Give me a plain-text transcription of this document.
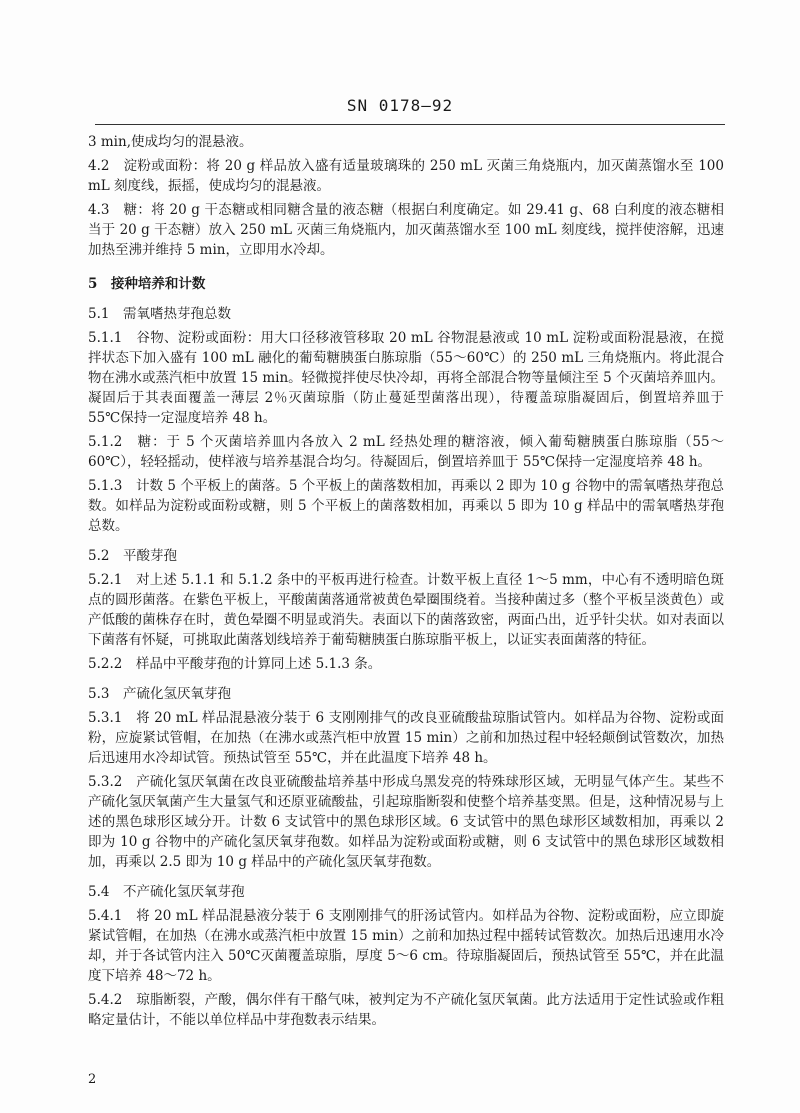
SN 0178—92

3 min,使成均匀的混悬液。

4.2　淀粉或面粉：将 20 g 样品放入盛有适量玻璃珠的 250 mL 灭菌三角烧瓶内，加灭菌蒸馏水至 100 mL 刻度线，振摇，使成均匀的混悬液。

4.3　糖：将 20 g 干态糖或相同糖含量的液态糖（根据白利度确定。如 29.41 g、68 白利度的液态糖相当于 20 g 干态糖）放入 250 mL 灭菌三角烧瓶内，加灭菌蒸馏水至 100 mL 刻度线，搅拌使溶解，迅速加热至沸并维持 5 min，立即用水冷却。

5　接种培养和计数

5.1　需氧嗜热芽孢总数

5.1.1　谷物、淀粉或面粉：用大口径移液管移取 20 mL 谷物混悬液或 10 mL 淀粉或面粉混悬液，在搅拌状态下加入盛有 100 mL 融化的葡萄糖胰蛋白胨琼脂（55～60℃）的 250 mL 三角烧瓶内。将此混合物在沸水或蒸汽柜中放置 15 min。轻微搅拌使尽快冷却，再将全部混合物等量倾注至 5 个灭菌培养皿内。凝固后于其表面覆盖一薄层 2％灭菌琼脂（防止蔓延型菌落出现），待覆盖琼脂凝固后，倒置培养皿于 55℃保持一定湿度培养 48 h。

5.1.2　糖：于 5 个灭菌培养皿内各放入 2 mL 经热处理的糖溶液，倾入葡萄糖胰蛋白胨琼脂（55～60℃），轻轻摇动，使样液与培养基混合均匀。待凝固后，倒置培养皿于 55℃保持一定湿度培养 48 h。

5.1.3　计数 5 个平板上的菌落。5 个平板上的菌落数相加，再乘以 2 即为 10 g 谷物中的需氧嗜热芽孢总数。如样品为淀粉或面粉或糖，则 5 个平板上的菌落数相加，再乘以 5 即为 10 g 样品中的需氧嗜热芽孢总数。

5.2　平酸芽孢

5.2.1　对上述 5.1.1 和 5.1.2 条中的平板再进行检查。计数平板上直径 1～5 mm，中心有不透明暗色斑点的圆形菌落。在紫色平板上，平酸菌菌落通常被黄色晕圈围绕着。当接种菌过多（整个平板呈淡黄色）或产低酸的菌株存在时，黄色晕圈不明显或消失。表面以下的菌落致密，两面凸出，近乎针尖状。如对表面以下菌落有怀疑，可挑取此菌落划线培养于葡萄糖胰蛋白胨琼脂平板上，以证实表面菌落的特征。

5.2.2　样品中平酸芽孢的计算同上述 5.1.3 条。

5.3　产硫化氢厌氧芽孢

5.3.1　将 20 mL 样品混悬液分装于 6 支刚刚排气的改良亚硫酸盐琼脂试管内。如样品为谷物、淀粉或面粉，应旋紧试管帽，在加热（在沸水或蒸汽柜中放置 15 min）之前和加热过程中轻轻颠倒试管数次，加热后迅速用水冷却试管。预热试管至 55℃，并在此温度下培养 48 h。

5.3.2　产硫化氢厌氧菌在改良亚硫酸盐培养基中形成乌黑发亮的特殊球形区域，无明显气体产生。某些不产硫化氢厌氧菌产生大量氢气和还原亚硫酸盐，引起琼脂断裂和使整个培养基变黑。但是，这种情况易与上述的黑色球形区域分开。计数 6 支试管中的黑色球形区域。6 支试管中的黑色球形区域数相加，再乘以 2 即为 10 g 谷物中的产硫化氢厌氧芽孢数。如样品为淀粉或面粉或糖，则 6 支试管中的黑色球形区域数相加，再乘以 2.5 即为 10 g 样品中的产硫化氢厌氧芽孢数。

5.4　不产硫化氢厌氧芽孢

5.4.1　将 20 mL 样品混悬液分装于 6 支刚刚排气的肝汤试管内。如样品为谷物、淀粉或面粉，应立即旋紧试管帽，在加热（在沸水或蒸汽柜中放置 15 min）之前和加热过程中摇转试管数次。加热后迅速用水冷却，并于各试管内注入 50℃灭菌覆盖琼脂，厚度 5～6 cm。待琼脂凝固后，预热试管至 55℃，并在此温度下培养 48～72 h。

5.4.2　琼脂断裂，产酸，偶尔伴有干酪气味，被判定为不产硫化氢厌氧菌。此方法适用于定性试验或作粗略定量估计，不能以单位样品中芽孢数表示结果。

2
